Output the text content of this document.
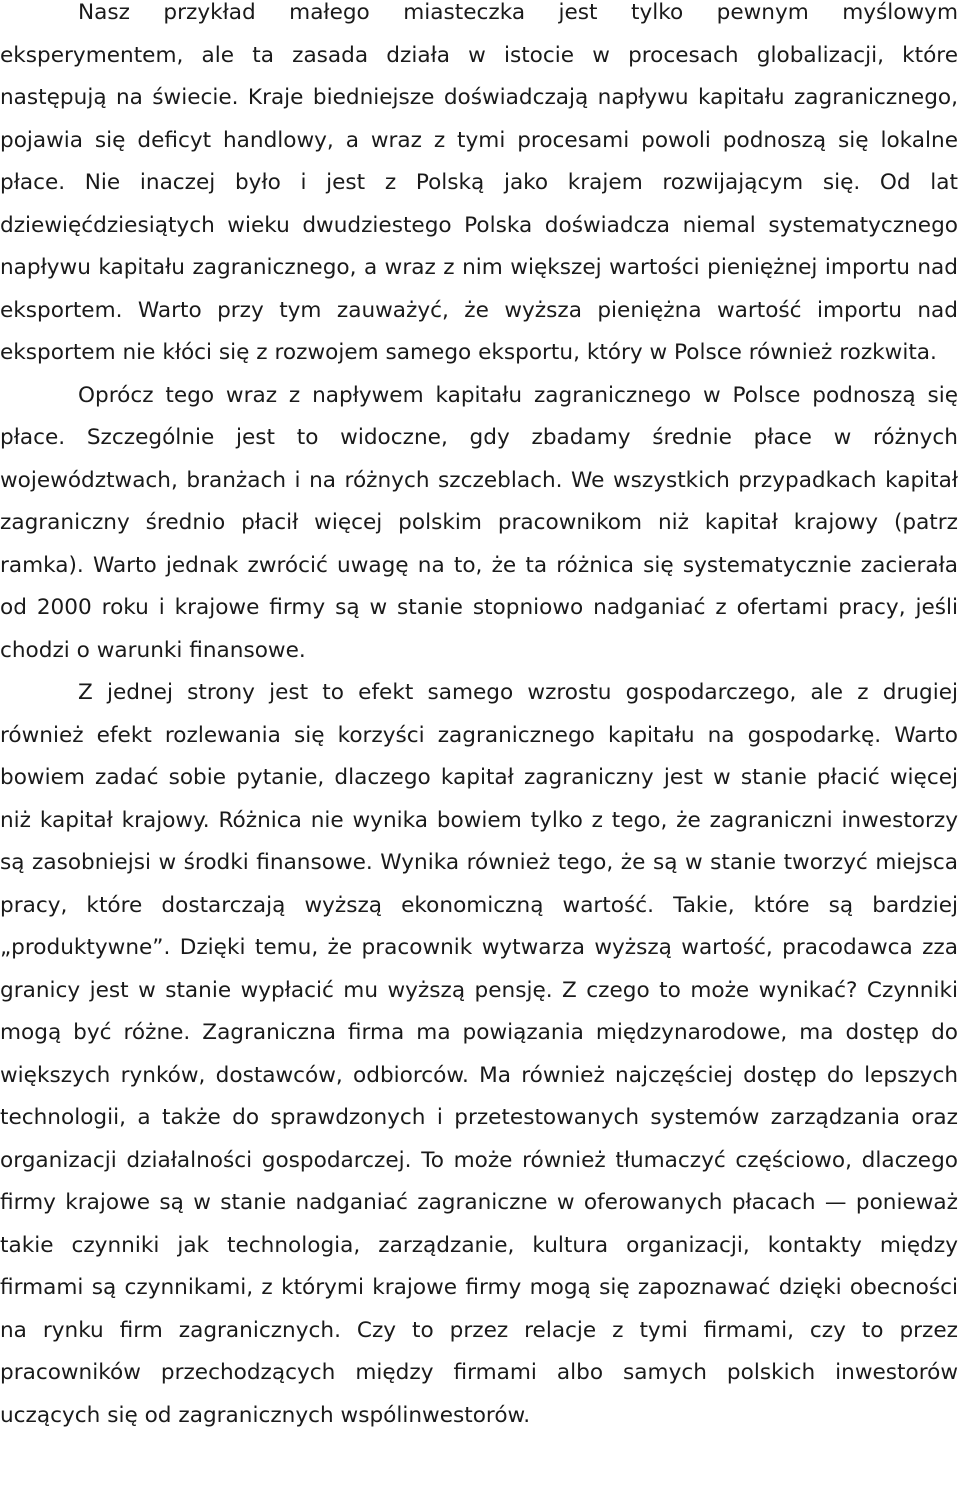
Nasz przykład małego miasteczka jest tylko pewnym myślowym eksperymentem, ale ta zasada działa w istocie w procesach globalizacji, które następują na świecie. Kraje biedniejsze doświadczają napływu kapitału zagranicznego, pojawia się deficyt handlowy, a wraz z tymi procesami powoli podnoszą się lokalne płace. Nie inaczej było i jest z Polską jako krajem rozwijającym się. Od lat dziewięćdziesiątych wieku dwudziestego Polska doświadcza niemal systematycznego napływu kapitału zagranicznego, a wraz z nim większej wartości pieniężnej importu nad eksportem. Warto przy tym zauważyć, że wyższa pieniężna wartość importu nad eksportem nie kłóci się z rozwojem samego eksportu, który w Polsce również rozkwita.

Oprócz tego wraz z napływem kapitału zagranicznego w Polsce podnoszą się płace. Szczególnie jest to widoczne, gdy zbadamy średnie płace w różnych województwach, branżach i na różnych szczeblach. We wszystkich przypadkach kapitał zagraniczny średnio płacił więcej polskim pracownikom niż kapitał krajowy (patrz ramka). Warto jednak zwrócić uwagę na to, że ta różnica się systematycznie zacierała od 2000 roku i krajowe firmy są w stanie stopniowo nadganiać z ofertami pracy, jeśli chodzi o warunki finansowe.

Z jednej strony jest to efekt samego wzrostu gospodarczego, ale z drugiej również efekt rozlewania się korzyści zagranicznego kapitału na gospodarkę. Warto bowiem zadać sobie pytanie, dlaczego kapitał zagraniczny jest w stanie płacić więcej niż kapitał krajowy. Różnica nie wynika bowiem tylko z tego, że zagraniczni inwestorzy są zasobniejsi w środki finansowe. Wynika również tego, że są w stanie tworzyć miejsca pracy, które dostarczają wyższą ekonomiczną wartość. Takie, które są bardziej „produktywne”. Dzięki temu, że pracownik wytwarza wyższą wartość, pracodawca zza granicy jest w stanie wypłacić mu wyższą pensję. Z czego to może wynikać? Czynniki mogą być różne. Zagraniczna firma ma powiązania międzynarodowe, ma dostęp do większych rynków, dostawców, odbiorców. Ma również najczęściej dostęp do lepszych technologii, a także do sprawdzonych i przetestowanych systemów zarządzania oraz organizacji działalności gospodarczej. To może również tłumaczyć częściowo, dlaczego firmy krajowe są w stanie nadganiać zagraniczne w oferowanych płacach — ponieważ takie czynniki jak technologia, zarządzanie, kultura organizacji, kontakty między firmami są czynnikami, z którymi krajowe firmy mogą się zapoznawać dzięki obecności na rynku firm zagranicznych. Czy to przez relacje z tymi firmami, czy to przez pracowników przechodzących między firmami albo samych polskich inwestorów uczących się od zagranicznych wspólinwestorów.
